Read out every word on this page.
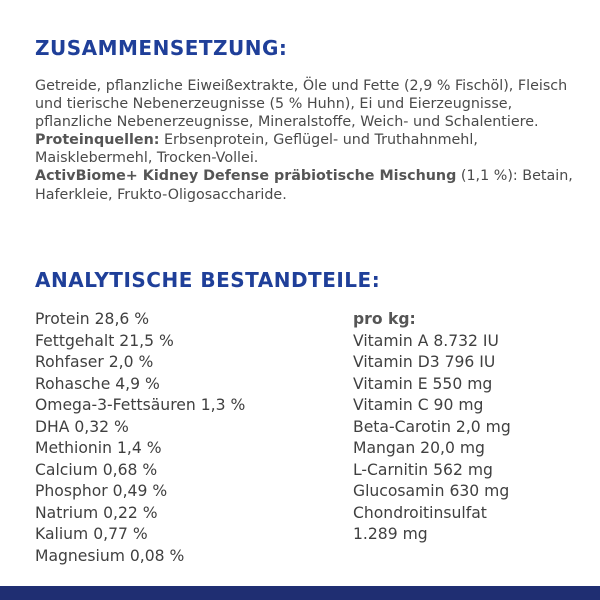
ZUSAMMENSETZUNG:

Getreide, pflanzliche Eiweißextrakte, Öle und Fette (2,9 % Fischöl), Fleisch und tierische Nebenerzeugnisse (5 % Huhn), Ei und Eierzeugnisse, pflanzliche Nebenerzeugnisse, Mineralstoffe, Weich- und Schalentiere.

Proteinquellen: Erbsenprotein, Geflügel- und Truthahnmehl, Maisklebermehl, Trocken-Vollei.

ActivBiome+ Kidney Defense präbiotische Mischung (1,1 %): Betain, Haferkleie, Frukto-Oligosaccharide.

ANALYTISCHE BESTANDTEILE:
Protein 28,6 %
Fettgehalt 21,5 %
Rohfaser 2,0 %
Rohasche 4,9 %
Omega-3-Fettsäuren 1,3 %
DHA 0,32 %
Methionin 1,4 %
Calcium 0,68 %
Phosphor 0,49 %
Natrium 0,22 %
Kalium 0,77 %
Magnesium 0,08 %
pro kg:
Vitamin A 8.732 IU
Vitamin D3 796 IU
Vitamin E 550 mg
Vitamin C 90 mg
Beta-Carotin 2,0 mg
Mangan 20,0 mg
L-Carnitin 562 mg
Glucosamin 630 mg
Chondroitinsulfat
1.289 mg
